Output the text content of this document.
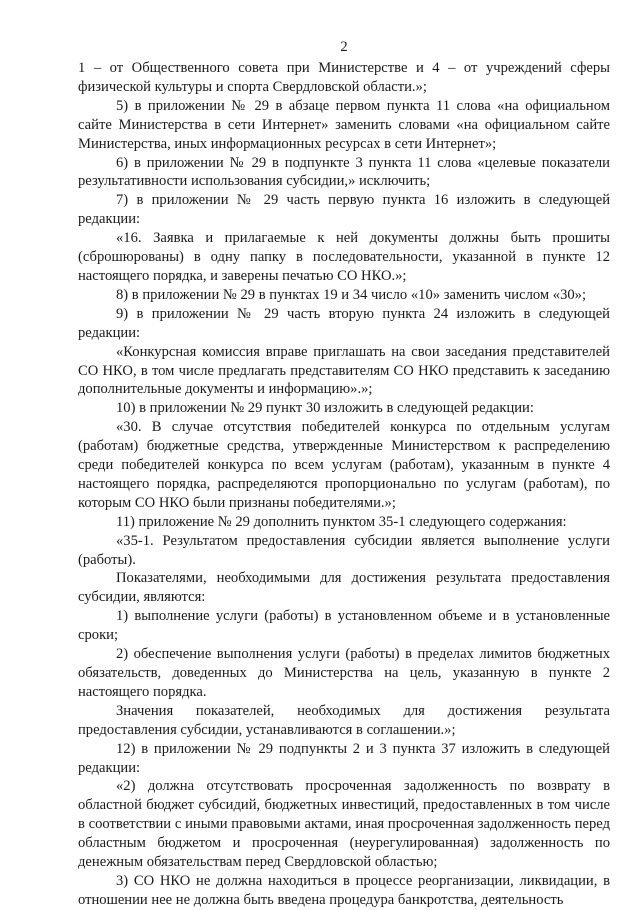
2

1 – от Общественного совета при Министерстве и 4 – от учреждений сферы физической культуры и спорта Свердловской области.»;

5) в приложении № 29 в абзаце первом пункта 11 слова «на официальном сайте Министерства в сети Интернет» заменить словами «на официальном сайте Министерства, иных информационных ресурсах в сети Интернет»;

6) в приложении № 29 в подпункте 3 пункта 11 слова «целевые показатели результативности использования субсидии,» исключить;

7) в приложении № 29 часть первую пункта 16 изложить в следующей редакции:

«16. Заявка и прилагаемые к ней документы должны быть прошиты (сброшюрованы) в одну папку в последовательности, указанной в пункте 12 настоящего порядка, и заверены печатью СО НКО.»;

8) в приложении № 29 в пунктах 19 и 34 число «10» заменить числом «30»;

9) в приложении № 29 часть вторую пункта 24 изложить в следующей редакции:

«Конкурсная комиссия вправе приглашать на свои заседания представителей СО НКО, в том числе предлагать представителям СО НКО представить к заседанию дополнительные документы и информацию».»;

10) в приложении № 29 пункт 30 изложить в следующей редакции:

«30. В случае отсутствия победителей конкурса по отдельным услугам (работам) бюджетные средства, утвержденные Министерством к распределению среди победителей конкурса по всем услугам (работам), указанным в пункте 4 настоящего порядка, распределяются пропорционально по услугам (работам), по которым СО НКО были признаны победителями.»;

11) приложение № 29 дополнить пунктом 35-1 следующего содержания:

«35-1. Результатом предоставления субсидии является выполнение услуги (работы).

Показателями, необходимыми для достижения результата предоставления субсидии, являются:

1) выполнение услуги (работы) в установленном объеме и в установленные сроки;

2) обеспечение выполнения услуги (работы) в пределах лимитов бюджетных обязательств, доведенных до Министерства на цель, указанную в пункте 2 настоящего порядка.

Значения показателей, необходимых для достижения результата предоставления субсидии, устанавливаются в соглашении.»;

12) в приложении № 29 подпункты 2 и 3 пункта 37 изложить в следующей редакции:

«2) должна отсутствовать просроченная задолженность по возврату в областной бюджет субсидий, бюджетных инвестиций, предоставленных в том числе в соответствии с иными правовыми актами, иная просроченная задолженность перед областным бюджетом и просроченная (неурегулированная) задолженность по денежным обязательствам перед Свердловской областью;

3) СО НКО не должна находиться в процессе реорганизации, ликвидации, в отношении нее не должна быть введена процедура банкротства, деятельность
